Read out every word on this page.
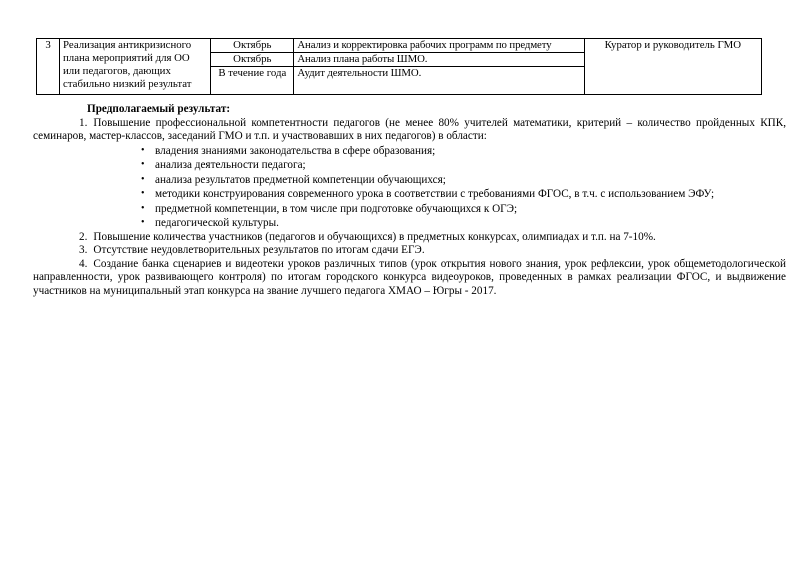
3	Реализация антикризисного плана мероприятий для ОО или педагогов, дающих стабильно низкий результат	Октябрь	Анализ и корректировка рабочих программ по предмету	Куратор и руководитель ГМО
		Октябрь	Анализ плана работы ШМО.	
		В течение года	Аудит деятельности ШМО.	

Предполагаемый результат:

1. Повышение профессиональной компетентности педагогов (не менее 80% учителей математики, критерий – количество пройденных КПК, семинаров, мастер-классов, заседаний ГМО и т.п. и участвовавших в них педагогов) в области:

• владения знаниями законодательства в сфере образования;
• анализа деятельности педагога;
• анализа результатов предметной компетенции обучающихся;
• методики конструирования современного урока в соответствии с требованиями ФГОС, в т.ч. с использованием ЭФУ;
• предметной компетенции, в том числе при подготовке обучающихся к ОГЭ;
• педагогической культуры.

2. Повышение количества участников (педагогов и обучающихся) в предметных конкурсах, олимпиадах и т.п. на 7-10%.

3. Отсутствие неудовлетворительных результатов по итогам сдачи ЕГЭ.

4. Создание банка сценариев и видеотеки уроков различных типов (урок открытия нового знания, урок рефлексии, урок общеметодологической направленности, урок развивающего контроля) по итогам городского конкурса видеоуроков, проведенных в рамках реализации ФГОС, и выдвижение участников на муниципальный этап конкурса на звание лучшего педагога ХМАО – Югры - 2017.
